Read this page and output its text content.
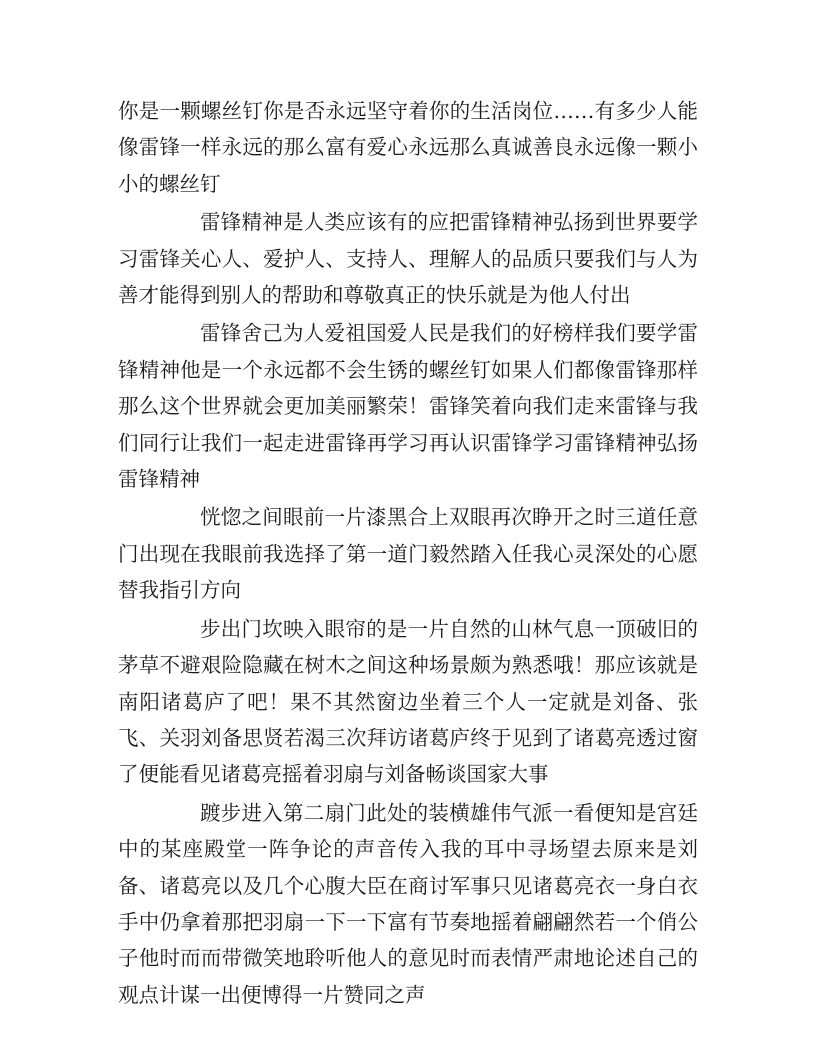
你是一颗螺丝钉你是否永远坚守着你的生活岗位……有多少人能像雷锋一样永远的那么富有爱心永远那么真诚善良永远像一颗小小的螺丝钉

雷锋精神是人类应该有的应把雷锋精神弘扬到世界要学习雷锋关心人、爱护人、支持人、理解人的品质只要我们与人为善才能得到别人的帮助和尊敬真正的快乐就是为他人付出

雷锋舍己为人爱祖国爱人民是我们的好榜样我们要学雷锋精神他是一个永远都不会生锈的螺丝钉如果人们都像雷锋那样那么这个世界就会更加美丽繁荣！雷锋笑着向我们走来雷锋与我们同行让我们一起走进雷锋再学习再认识雷锋学习雷锋精神弘扬雷锋精神

恍惚之间眼前一片漆黑合上双眼再次睁开之时三道任意门出现在我眼前我选择了第一道门毅然踏入任我心灵深处的心愿替我指引方向

步出门坎映入眼帘的是一片自然的山林气息一顶破旧的茅草不避艰险隐藏在树木之间这种场景颇为熟悉哦！那应该就是南阳诸葛庐了吧！果不其然窗边坐着三个人一定就是刘备、张飞、关羽刘备思贤若渴三次拜访诸葛庐终于见到了诸葛亮透过窗了便能看见诸葛亮摇着羽扇与刘备畅谈国家大事

踱步进入第二扇门此处的装横雄伟气派一看便知是宫廷中的某座殿堂一阵争论的声音传入我的耳中寻场望去原来是刘备、诸葛亮以及几个心腹大臣在商讨军事只见诸葛亮衣一身白衣手中仍拿着那把羽扇一下一下富有节奏地摇着翩翩然若一个俏公子他时而而带微笑地聆听他人的意见时而表情严肃地论述自己的观点计谋一出便博得一片赞同之声
